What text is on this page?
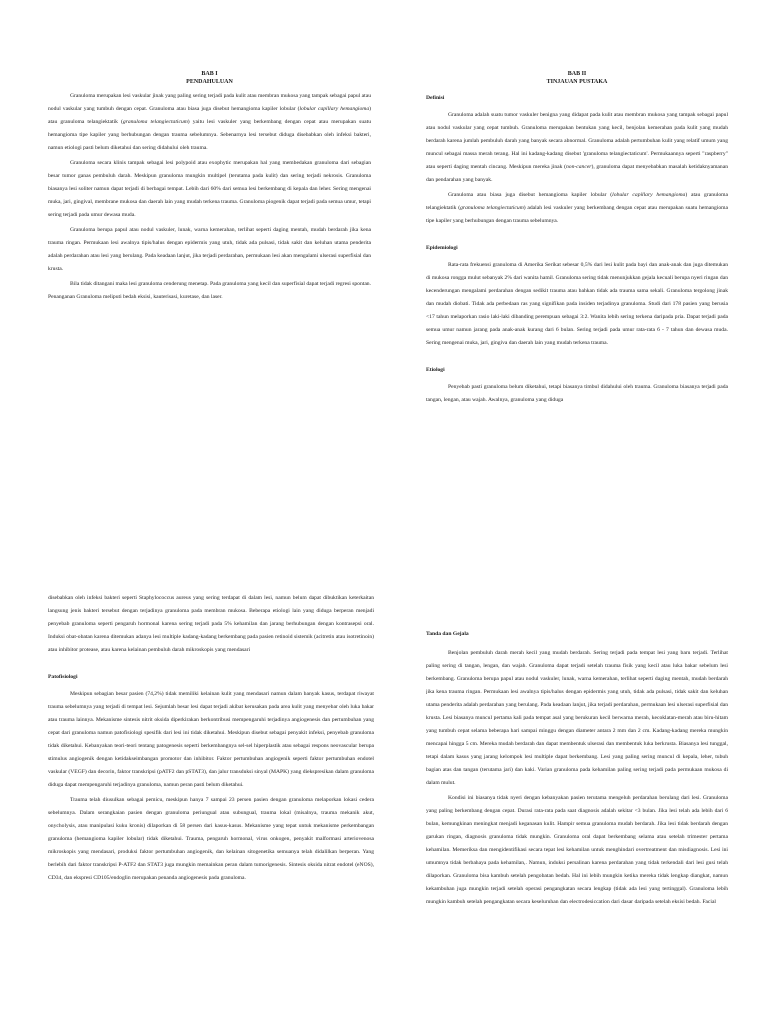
BAB I
PENDAHULUAN

Granuloma merupakan lesi vaskular jinak yang paling sering terjadi pada kulit atau membran mukosa yang tampak sebagai papul atau nodul vaskular yang tumbuh dengan cepat. Granuloma atau biasa juga disebut hemangioma kapiler lobular (lobular capillary hemangioma) atau granuloma telangiektatik (granuloma telangiectaticum) yaitu lesi vaskuler yang berkembang dengan cepat atau merupakan suatu hemangioma tipe kapiler yang berhubungan dengan trauma sebelumnya. Sebenarnya lesi tersebut diduga disebabkan oleh infeksi bakteri, namun etiologi pasti belum diketahui dan sering didahului oleh trauma.

Granuloma secara klinis tampak sebagai lesi polypoid atau exophytic merupakan hal yang membedakan granuloma dari sebagian besar tumor ganas pembuluh darah. Meskipun granuloma mungkin multipel (terutama pada kulit) dan sering terjadi nekrosis. Granuloma biasanya lesi soliter namun dapat terjadi di berbagai tempat. Lebih dari 60% dari semua lesi berkembang di kepala dan leher. Sering mengenai muka, jari, gingival, membrane mukosa dan daerah lain yang mudah terkena trauma. Granuloma piogenik dapat terjadi pada semua umur, tetapi sering terjadi pada umur dewasa muda.

Granuloma berupa papul atau nodul vaskuler, lunak, warna kemerahan, terlihat seperti daging mentah, mudah berdarah jika kena trauma ringan. Permukaan lesi awalnya tipis/halus dengan epidermis yang utuh, tidak ada pulsasi, tidak sakit dan keluhan utama penderita adalah perdarahan atau lesi yang berulang. Pada keadaan lanjut, jika terjadi perdarahan, permukaan lesi akan mengalami ulserasi superfisial dan krusta.

Bila tidak ditangani maka lesi granuloma cenderung menetap. Pada granuloma yang kecil dan superfisial dapat terjadi regresi spontan. Penanganan Granuloma meliputi bedah eksisi, kauterisasi, kuretase, dan laser.

BAB II
TINJAUAN PUSTAKA

Definisi

Granuloma adalah suatu tumor vaskuler benigna yang didapat pada kulit atau membran mukosa yang tampak sebagai papul atau nodul vaskular yang cepat tumbuh. Granuloma merupakan bentukan yang kecil, benjolan kemerahan pada kulit yang mudah berdarah karena jumlah pembuluh darah yang banyak secara abnormal. Granuloma adalah pertumbuhan kulit yang relatif umum yang muncul sebagai massa merah terang. Hal ini kadang-kadang disebut 'granuloma telangiectaticum'. Permukaannya seperti "raspberry" atau seperti daging mentah cincang. Meskipun mereka jinak (non-cancer), granuloma dapat menyebabkan masalah ketidaknyamanan dan pendarahan yang banyak.

Granuloma atau biasa juga disebut hemangioma kapiler lobular (lobular capillary hemangioma) atau granuloma telangiektatik (granuloma telangiectaticum) adalah lesi vaskuler yang berkembang dengan cepat atau merupakan suatu hemangioma tipe kapiler yang berhubungan dengan trauma sebelumnya.

Epidemiologi

Rata-rata frekuensi granuloma di Amerika Serikat sebesar 0,5% dari lesi kulit pada bayi dan anak-anak dan juga ditemukan di mukosa rongga mulut sebanyak 2% dari wanita hamil. Granuloma sering tidak menunjukkan gejala kecuali berupa nyeri ringan dan kecenderungan mengalami perdarahan dengan sedikit trauma atau bahkan tidak ada trauma sama sekali. Granuloma tergolong jinak dan mudah diobati. Tidak ada perbedaan ras yang signifikan pada insiden terjadinya granuloma. Studi dari 178 pasien yang berusia <17 tahun melaporkan rasio laki-laki dibanding perempuan sebagai 3:2. Wanita lebih sering terkena daripada pria. Dapat terjadi pada semua umur namun jarang pada anak-anak kurang dari 6 bulan. Sering terjadi pada umur rata-rata 6 - 7 tahun dan dewasa muda. Sering mengenai muka, jari, gingiva dan daerah lain yang mudah terkena trauma.

Etiologi

Penyebab pasti granuloma belum diketahui, tetapi biasanya timbul didahului oleh trauma. Granuloma biasanya terjadi pada tangan, lengan, atau wajah. Awalnya, granuloma yang diduga

disebabkan oleh infeksi bakteri seperti Staphylococcus aureus yang sering terdapat di dalam lesi, namun belum dapat dibuktikan keterkaitan langsung jenis bakteri tersebut dengan terjadinya granuloma pada membran mukosa. Beberapa etiologi lain yang diduga berperan menjadi penyebab granuloma seperti pengaruh hormonal karena sering terjadi pada 5% kehamilan dan jarang berhubungan dengan kontrasepsi oral. Induksi obat-obatan karena ditemukan adanya lesi multiple kadang-kadang berkembang pada pasien retinoid sistemik (acitretin atau isotretinoin) atau inhibitor protease, atau karena kelainan pembuluh darah mikroskopis yang mendasari

Patofisiologi

Meskipun sebagian besar pasien (74,2%) tidak memiliki kelainan kulit yang mendasari namun dalam banyak kasus, terdapat riwayat trauma sebelumnya yang terjadi di tempat lesi. Sejumlah besar lesi dapat terjadi akibat kerusakan pada area kulit yang menyebar oleh luka bakar atau trauma lainnya. Mekanisme sintesis nitrit oksida diperkirakan berkontribusi mempengaruhi terjadinya angiogenesis dan pertumbuhan yang cepat dari granuloma namun patofisiologi spesifik dari lesi ini tidak diketahui. Meskipun disebut sebagai penyakit infeksi, penyebab granuloma tidak diketahui. Kebanyakan teori-teori tentang patogenesis seperti berkembangnya sel-sel hiperplastik atau sebagai respons neovascular berupa stimulus angiogenik dengan ketidakseimbangan promotor dan inhibitor. Faktor pertumbuhan angiogenik seperti faktor pertumbuhan endotel vaskular (VEGF) dan decorin, faktor transkripsi (pATF2 dan pSTAT3), dan jalur transduksi sinyal (MAPK) yang diekspresikan dalam granuloma diduga dapat mempengaruhi terjadinya granuloma, namun peran pasti belum diketahui.

Trauma telah diusulkan sebagai pemicu, meskipun hanya 7 sampai 23 persen pasien dengan granuloma melaporkan lokasi cedera sebelumnya. Dalam serangkaian pasien dengan granuloma periungual atau subungual, trauma lokal (misalnya, trauma mekanik akut, onycholysis, atau manipulasi kuku kronis) dilaporkan di 58 persen dari kasus-kasus. Mekanisme yang tepat untuk mekanisme perkembangan granuloma (hemangioma kapiler lobular) tidak diketahui. Trauma, pengaruh hormonal, virus onkogen, penyakit malformasi arteriovenosa mikroskopis yang mendasari, produksi faktor pertumbuhan angiogenik, dan kelainan sitogenetika semuanya telah didalilkan berperan. Yang berlebih dari faktor transkripsi P-ATF2 dan STAT3 juga mungkin memainkan peran dalam tumorigenesis. Sintesis oksida nitrat endotel (eNOS), CD34, dan ekspresi CD105/endoglin merupakan penanda angiogenesis pada granuloma.

Tanda dan Gejala

Benjolan pembuluh darah merah kecil yang mudah berdarah. Sering terjadi pada tempat lesi yang baru terjadi. Terlihat paling sering di tangan, lengan, dan wajah. Granuloma dapat terjadi setelah trauma fisik yang kecil atau luka bakar sebelum lesi berkembang. Granuloma berupa papul atau nodul vaskuler, lunak, warna kemerahan, terlihat seperti daging mentah, mudah berdarah jika kena trauma ringan. Permukaan lesi awalnya tipis/halus dengan epidermis yang utuh, tidak ada pulsasi, tidak sakit dan keluhan utama penderita adalah perdarahan yang berulang. Pada keadaan lanjut, jika terjadi perdarahan, permukaan lesi ulserasi superfisial dan krusta. Lesi biasanya muncul pertama kali pada tempat asal yang berukuran kecil berwarna merah, kecoklatan-merah atau biru-hitam yang tumbuh cepat selama beberapa hari sampai minggu dengan diameter antara 2 mm dan 2 cm. Kadang-kadang mereka mungkin mencapai hingga 5 cm. Mereka mudah berdarah dan dapat membentuk ulserasi dan membentuk luka berkrusta. Biasanya lesi tunggal, tetapi dalam kasus yang jarang kelompok lesi multiple dapat berkembang. Lesi yang paling sering muncul di kepala, leher, tubuh bagian atas dan tangan (terutama jari) dan kaki. Varian granuloma pada kehamilan paling sering terjadi pada permukaan mukosa di dalam mulut.

Kondisi ini biasanya tidak nyeri dengan kebanyakan pasien terutama mengeluh perdarahan berulang dari lesi. Granuloma yang paling berkembang dengan cepat. Durasi rata-rata pada saat diagnosis adalah sekitar <3 bulan. Jika lesi telah ada lebih dari 6 bulan, kemungkinan meningkat menjadi keganasan kulit. Hampir semua granuloma mudah berdarah. Jika lesi tidak berdarah dengan garukan ringan, diagnosis granuloma tidak mungkin. Granuloma oral dapat berkembang selama atau setelah trimester pertama kehamilan. Memeriksa dan mengidentifikasi secara tepat lesi kehamilan untuk menghindari overtreatment dan misdiagnosis. Lesi ini umumnya tidak berbahaya pada kehamilan,. Namun, induksi persalinan karena perdarahan yang tidak terkendali dari lesi gusi telah dilaporkan. Granuloma bisa kambuh setelah pengobatan bedah. Hal ini lebih mungkin ketika mereka tidak lengkap diangkat, namun kekambuhan juga mungkin terjadi setelah operasi pengangkatan secara lengkap (tidak ada lesi yang tertinggal). Granuloma lebih mungkin kambuh setelah pengangkatan secara keseluruhan dan electrodesiccation dari dasar daripada setelah eksisi bedah. Facial
